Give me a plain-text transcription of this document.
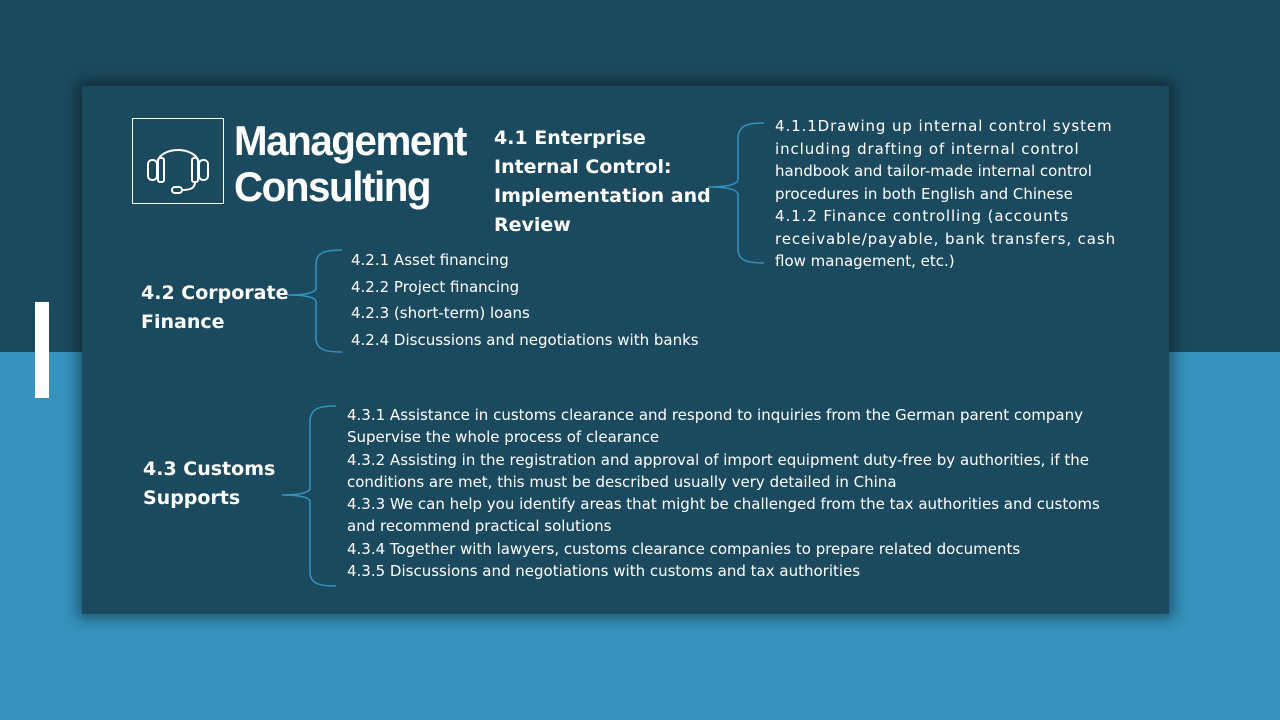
Management
Consulting
4.1 Enterprise
Internal Control:
Implementation and
Review
4.1.1Drawing up internal control system
including drafting of internal control
handbook and tailor-made internal control
procedures in both English and Chinese
4.1.2 Finance controlling (accounts
receivable/payable, bank transfers, cash
flow management, etc.)
4.2 Corporate
Finance
4.2.1 Asset financing
4.2.2 Project financing
4.2.3 (short-term) loans
4.2.4 Discussions and negotiations with banks
4.3 Customs
Supports
4.3.1 Assistance in customs clearance and respond to inquiries from the German parent company
Supervise the whole process of clearance
4.3.2 Assisting in the registration and approval of import equipment duty-free by authorities, if the
conditions are met, this must be described usually very detailed in China
4.3.3 We can help you identify areas that might be challenged from the tax authorities and customs
and recommend practical solutions
4.3.4 Together with lawyers, customs clearance companies to prepare related documents
4.3.5 Discussions and negotiations with customs and tax authorities
